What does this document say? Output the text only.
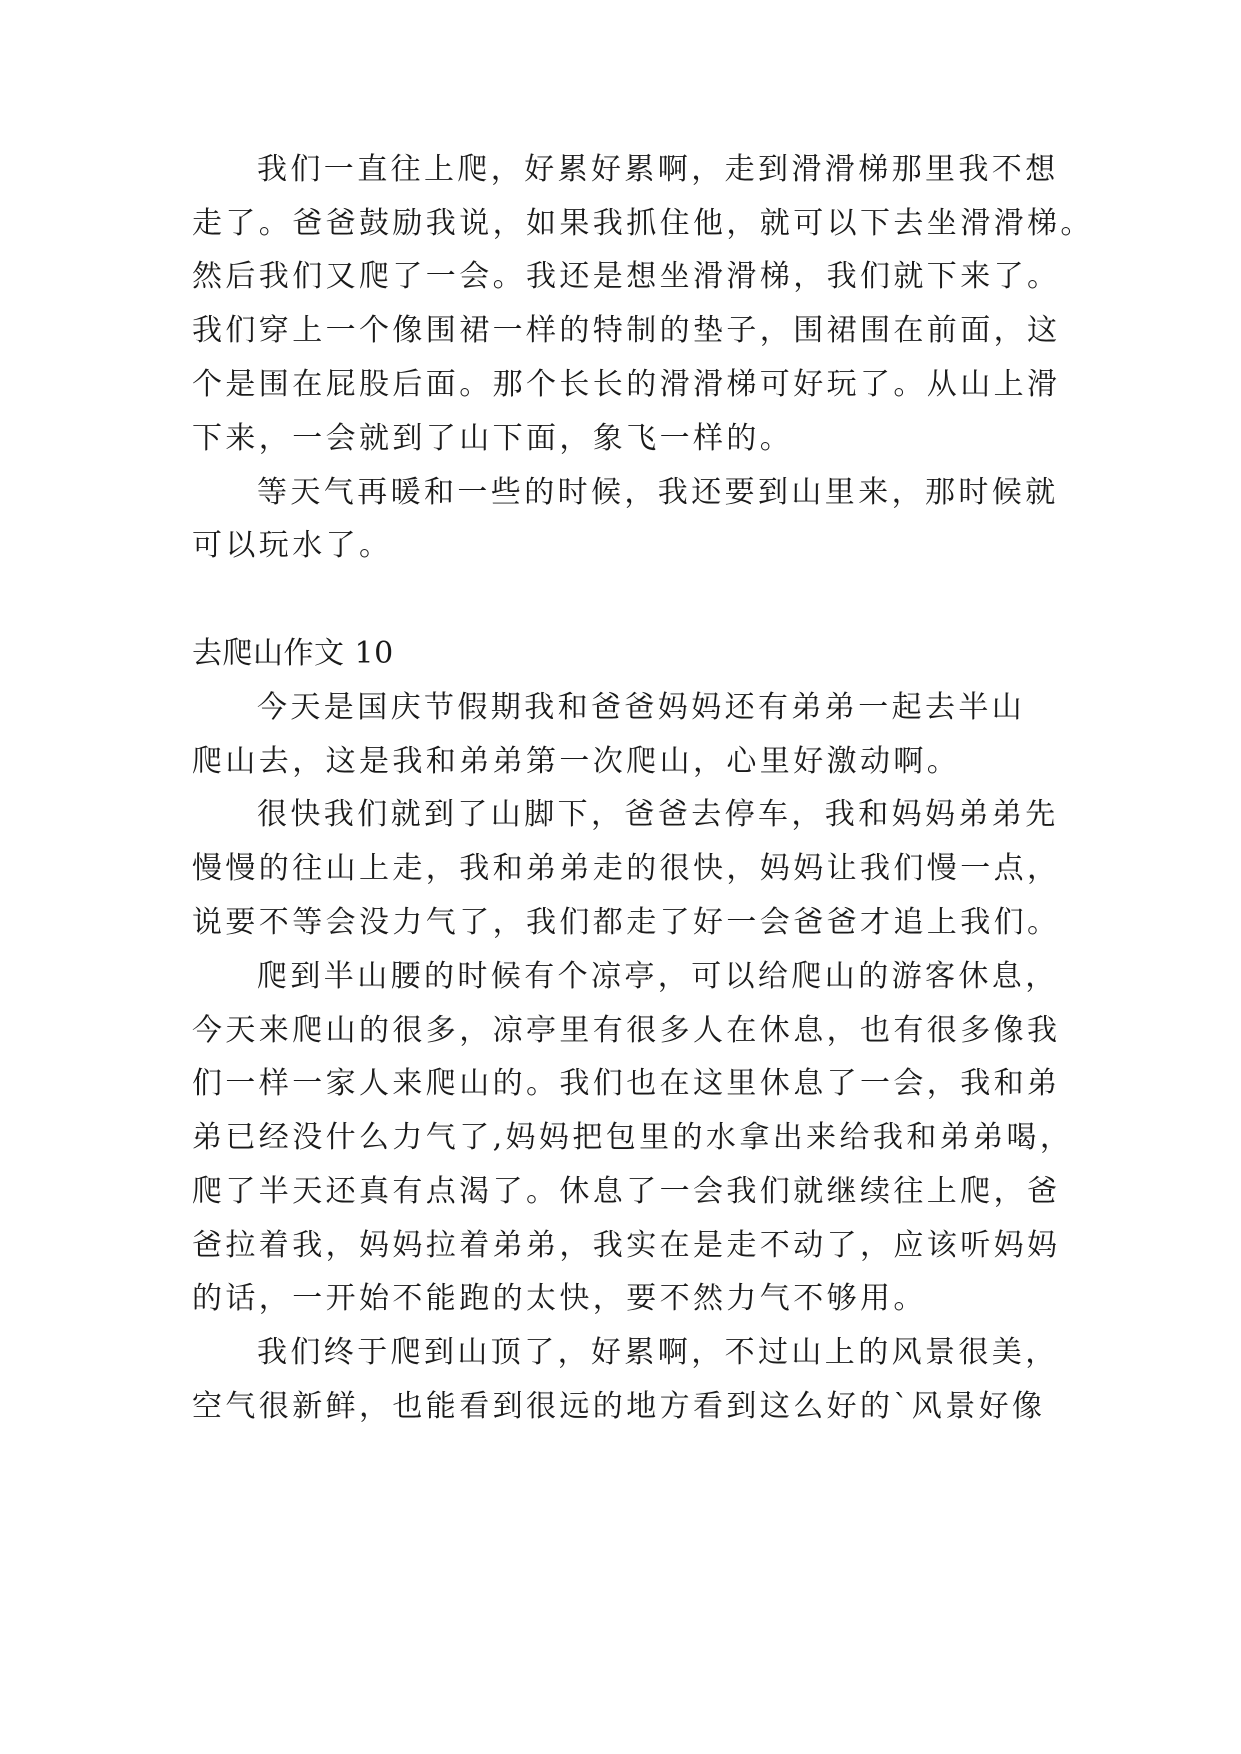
我们一直往上爬，好累好累啊，走到滑滑梯那里我不想
走了。爸爸鼓励我说，如果我抓住他，就可以下去坐滑滑梯。
然后我们又爬了一会。我还是想坐滑滑梯，我们就下来了。
我们穿上一个像围裙一样的特制的垫子，围裙围在前面，这
个是围在屁股后面。那个长长的滑滑梯可好玩了。从山上滑
下来，一会就到了山下面，象飞一样的。
等天气再暖和一些的时候，我还要到山里来，那时候就
可以玩水了。
去爬山作文 10
今天是国庆节假期我和爸爸妈妈还有弟弟一起去半山
爬山去，这是我和弟弟第一次爬山，心里好激动啊。
很快我们就到了山脚下，爸爸去停车，我和妈妈弟弟先
慢慢的往山上走，我和弟弟走的很快，妈妈让我们慢一点，
说要不等会没力气了，我们都走了好一会爸爸才追上我们。
爬到半山腰的时候有个凉亭，可以给爬山的游客休息，
今天来爬山的很多，凉亭里有很多人在休息，也有很多像我
们一样一家人来爬山的。我们也在这里休息了一会，我和弟
弟已经没什么力气了,妈妈把包里的水拿出来给我和弟弟喝，
爬了半天还真有点渴了。休息了一会我们就继续往上爬，爸
爸拉着我，妈妈拉着弟弟，我实在是走不动了，应该听妈妈
的话，一开始不能跑的太快，要不然力气不够用。
我们终于爬到山顶了，好累啊，不过山上的风景很美，
空气很新鲜，也能看到很远的地方看到这么好的`风景好像
